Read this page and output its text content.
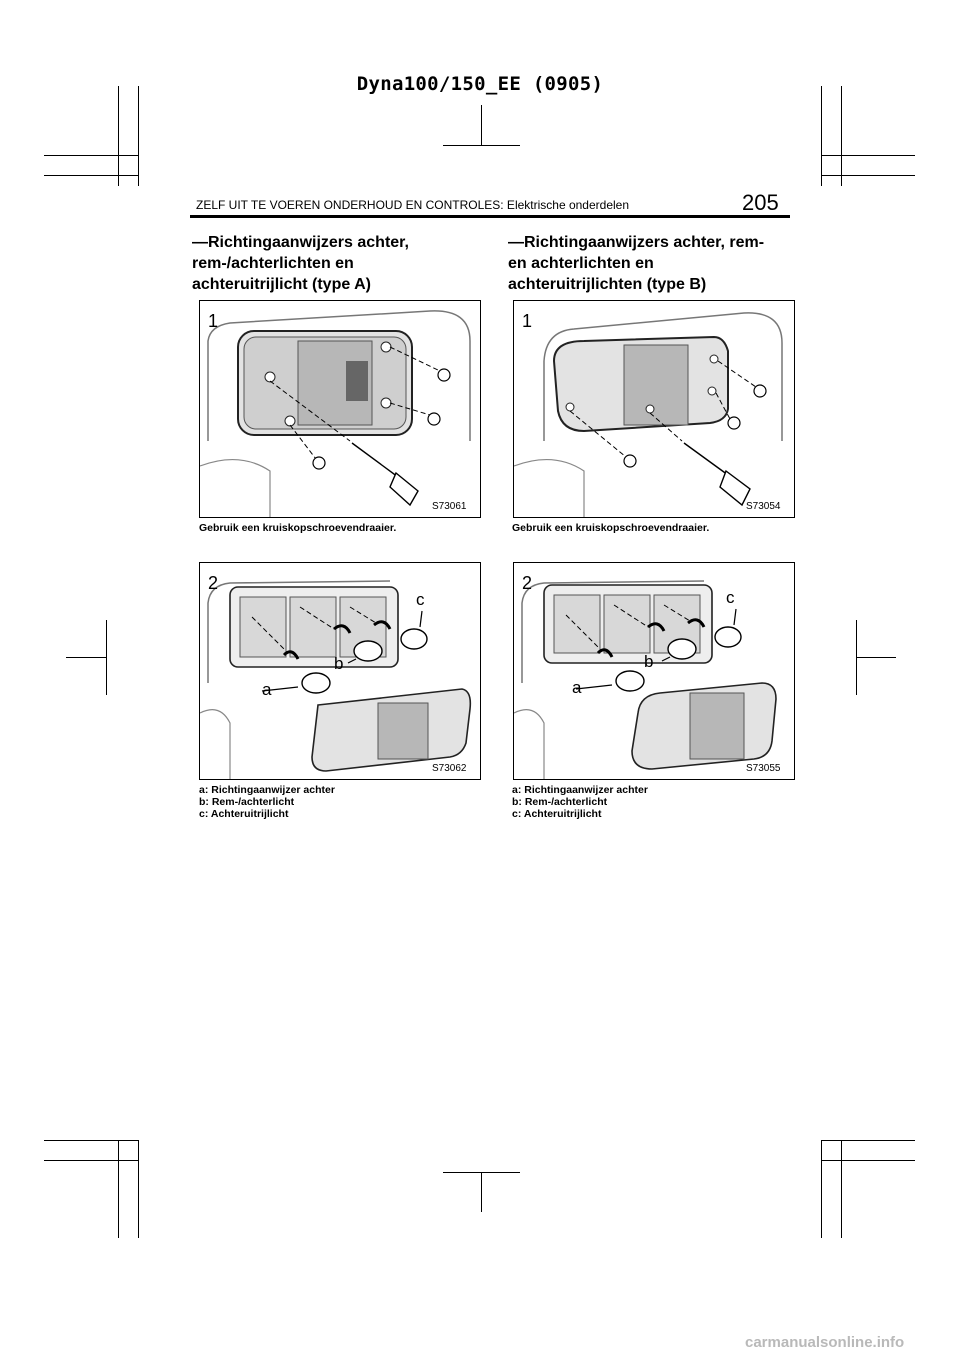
Dyna100/150_EE (0905)
ZELF UIT TE VOEREN ONDERHOUD EN CONTROLES: Elektrische onderdelen	205
—Richtingaanwijzers achter,
rem‑/achterlichten en
achteruitrijlicht (type A)
—Richtingaanwijzers achter, rem‑
en achterlichten en
achteruitrijlichten (type B)
1
S73061
Gebruik een kruiskopschroevendraaier.
1
S73054
Gebruik een kruiskopschroevendraaier.
a
b
c
2
S73062
a: Richtingaanwijzer achter
b: Rem‑/achterlicht
c: Achteruitrijlicht
a
b
c
2
S73055
a: Richtingaanwijzer achter
b: Rem‑/achterlicht
c: Achteruitrijlicht
carmanualsonline.info
